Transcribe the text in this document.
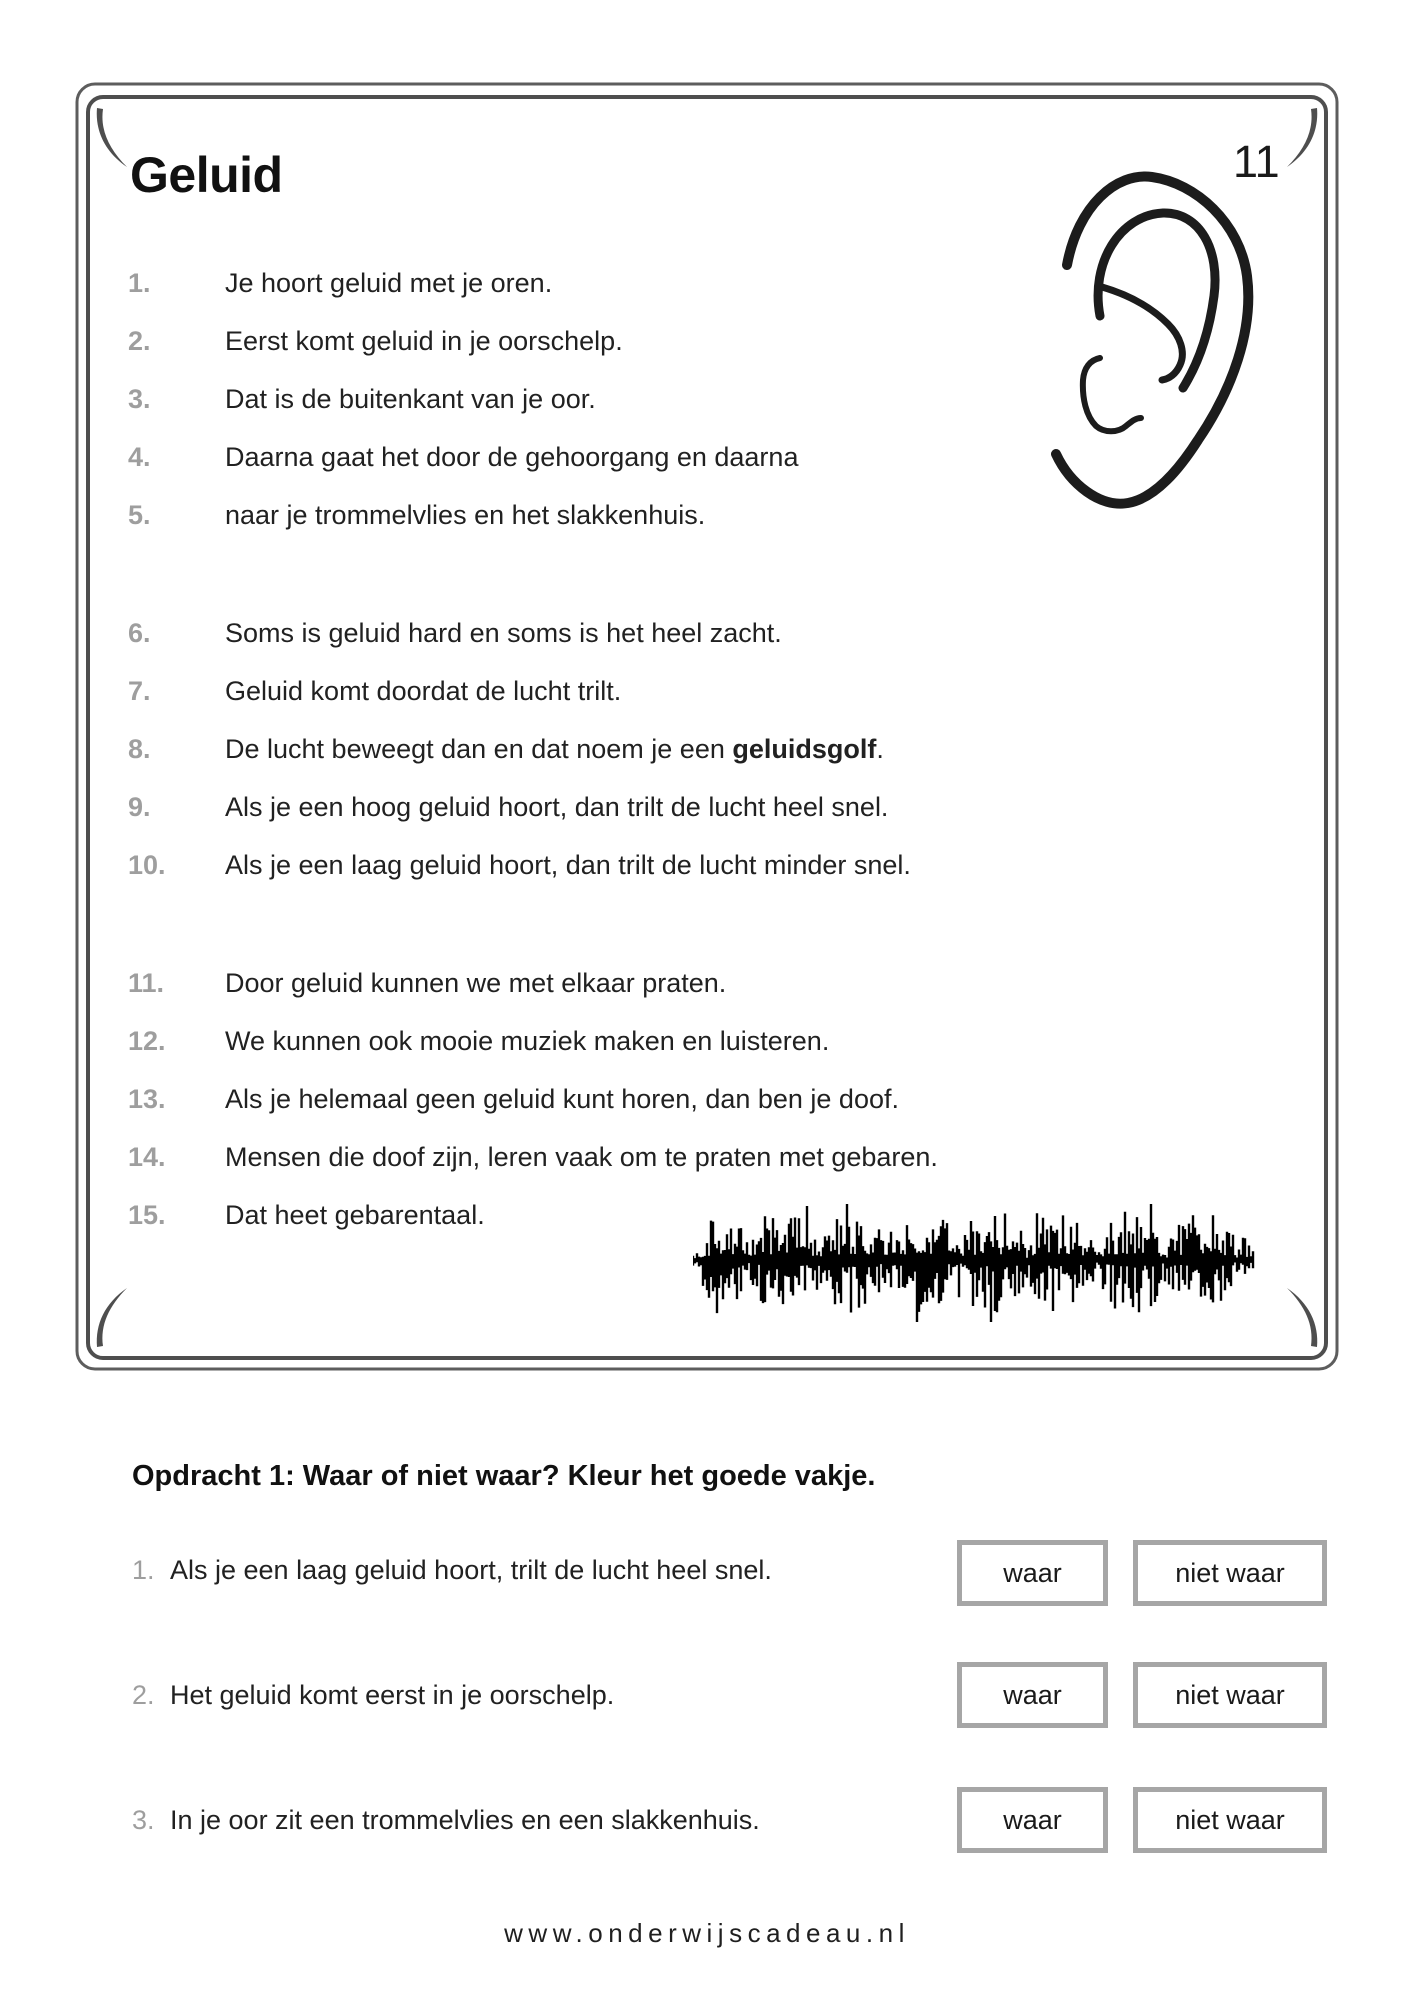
Geluid	11
1.	Je hoort geluid met je oren.
2.	Eerst komt geluid in je oorschelp.
3.	Dat is de buitenkant van je oor.
4.	Daarna gaat het door de gehoorgang en daarna
5.	naar je trommelvlies en het slakkenhuis.
6.	Soms is geluid hard en soms is het heel zacht.
7.	Geluid komt doordat de lucht trilt.
8.	De lucht beweegt dan en dat noem je een geluidsgolf.
9.	Als je een hoog geluid hoort, dan trilt de lucht heel snel.
10.	Als je een laag geluid hoort, dan trilt de lucht minder snel.
11.	Door geluid kunnen we met elkaar praten.
12.	We kunnen ook mooie muziek maken en luisteren.
13.	Als je helemaal geen geluid kunt horen, dan ben je doof.
14.	Mensen die doof zijn, leren vaak om te praten met gebaren.
15.	Dat heet gebarentaal.
Opdracht 1: Waar of niet waar? Kleur het goede vakje.
1. Als je een laag geluid hoort, trilt de lucht heel snel.	waar	niet waar
2. Het geluid komt eerst in je oorschelp.	waar	niet waar
3. In je oor zit een trommelvlies en een slakkenhuis.	waar	niet waar
www.onderwijscadeau.nl
